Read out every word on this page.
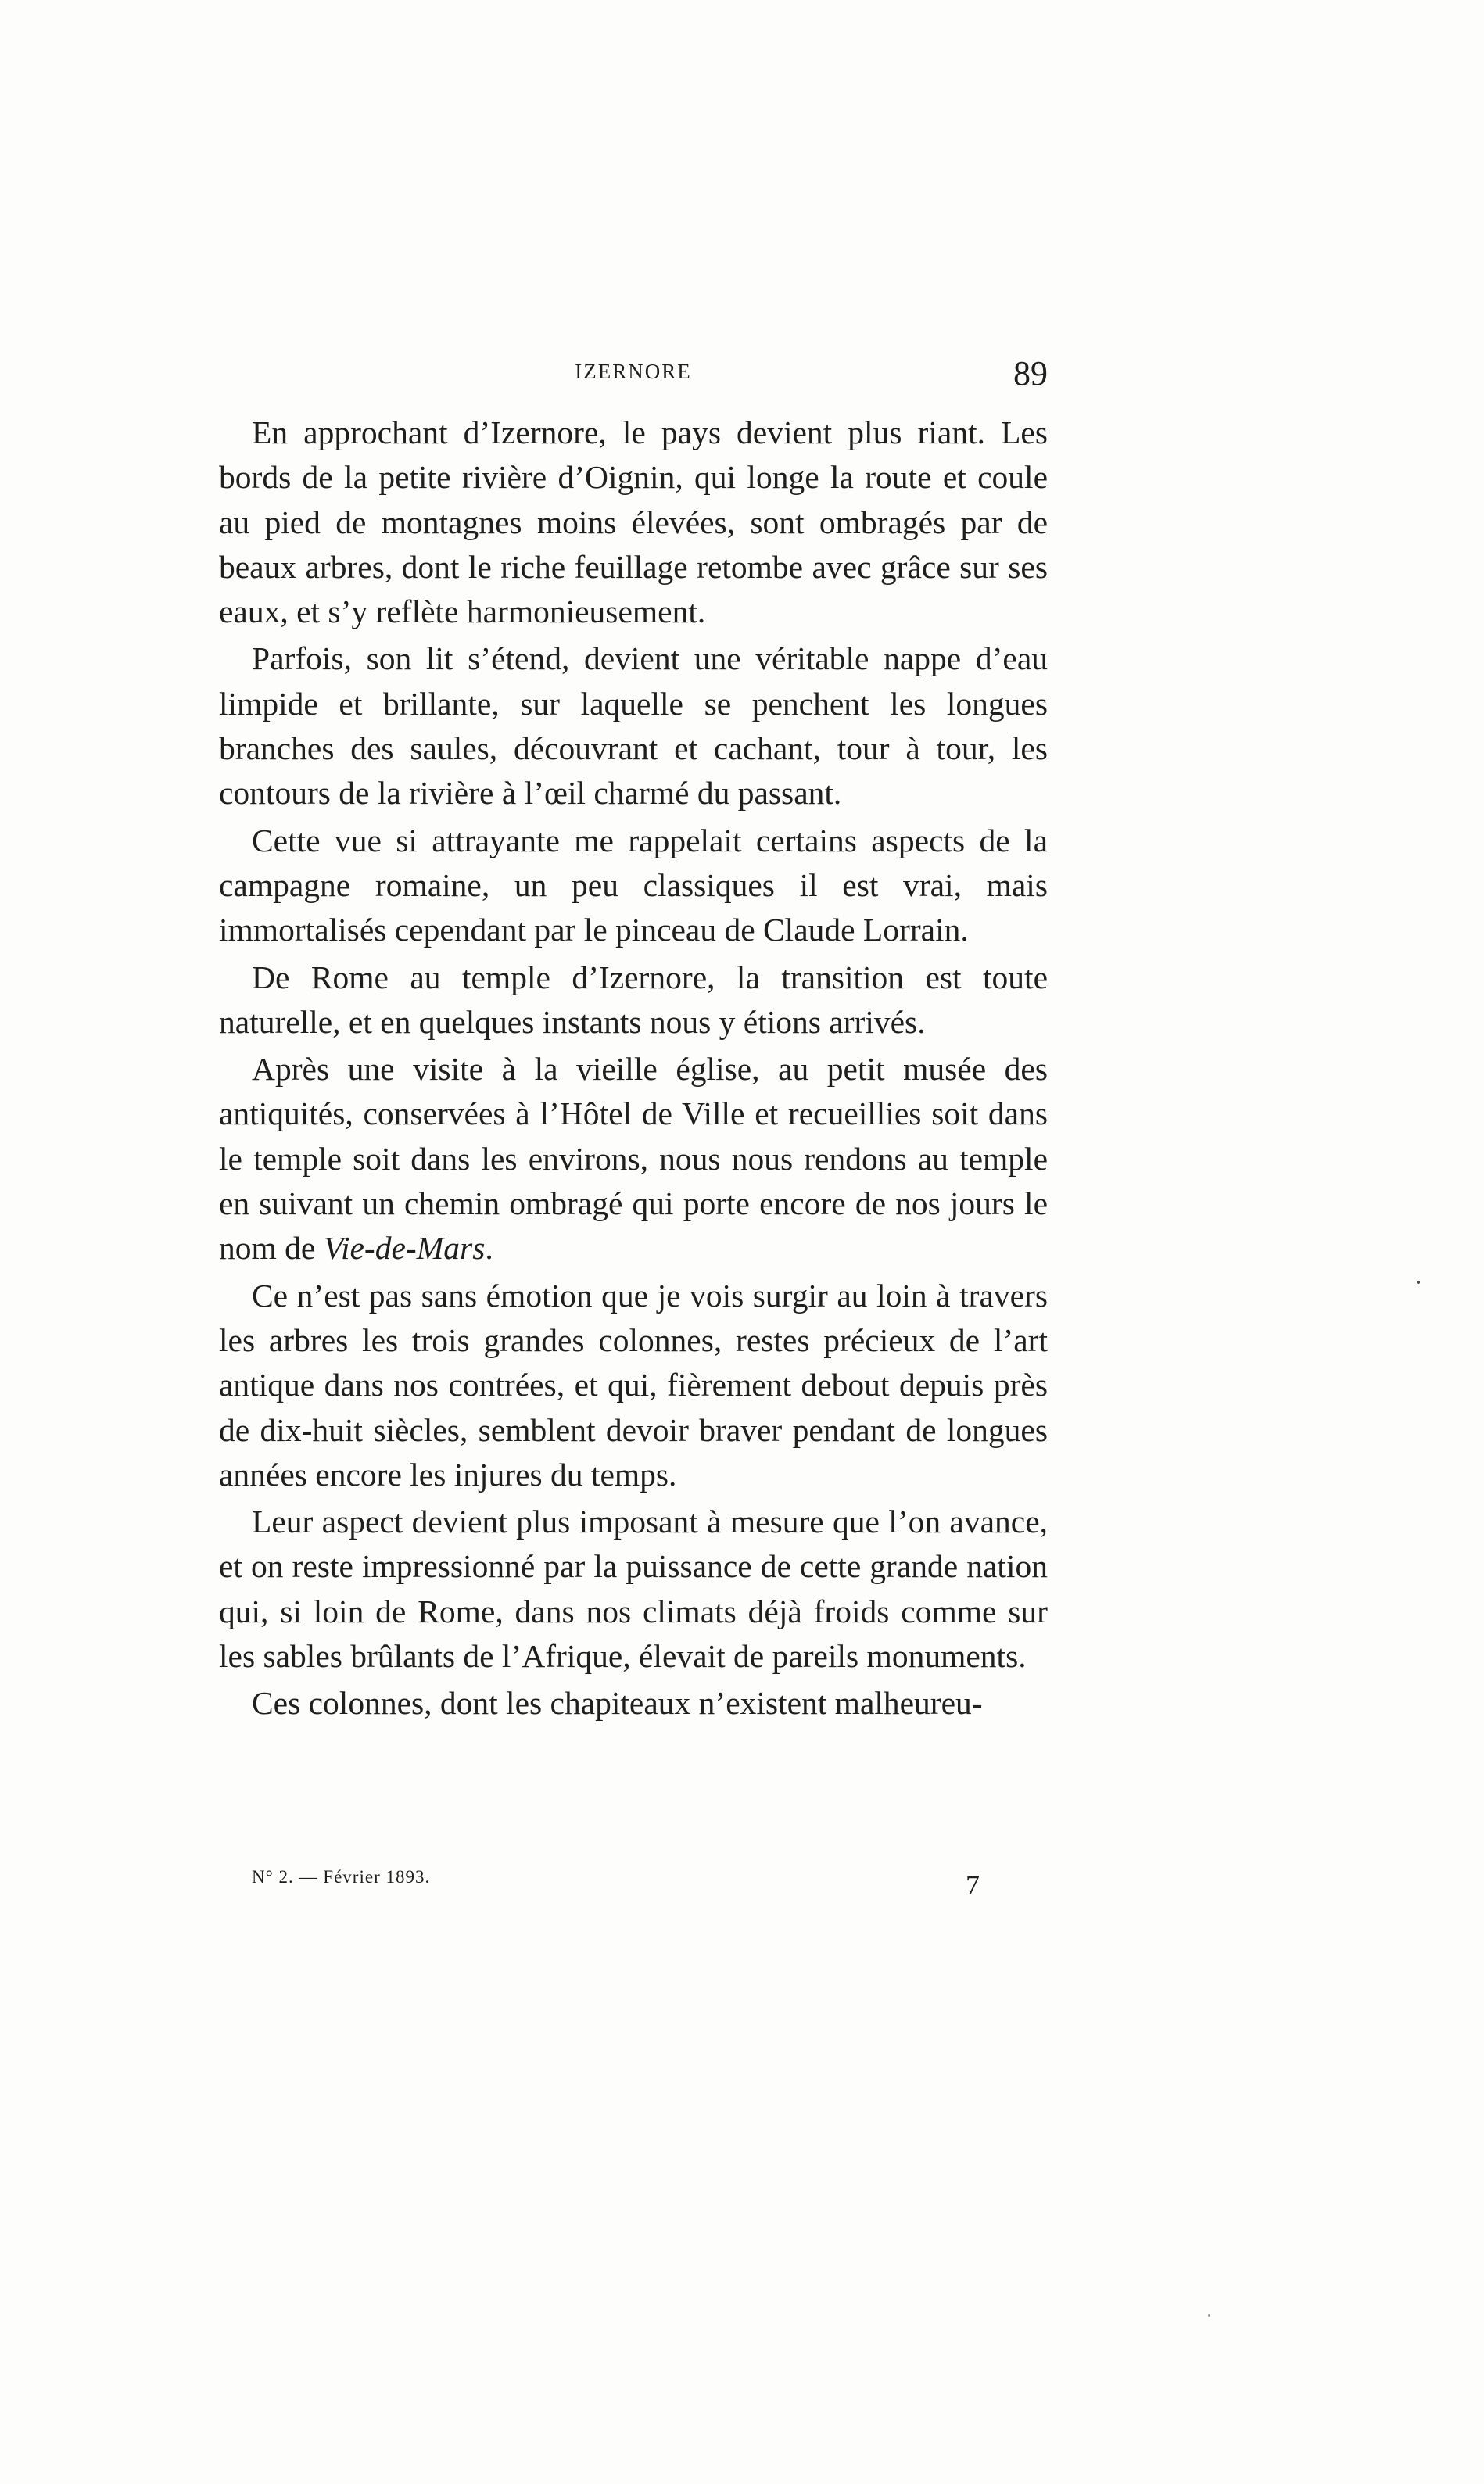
IZERNORE	89

En approchant d’Izernore, le pays devient plus riant. Les bords de la petite rivière d’Oignin, qui longe la route et coule au pied de montagnes moins élevées, sont ombragés par de beaux arbres, dont le riche feuillage retombe avec grâce sur ses eaux, et s’y reflète harmonieusement.

Parfois, son lit s’étend, devient une véritable nappe d’eau limpide et brillante, sur laquelle se penchent les longues branches des saules, découvrant et cachant, tour à tour, les contours de la rivière à l’œil charmé du passant.

Cette vue si attrayante me rappelait certains aspects de la campagne romaine, un peu classiques il est vrai, mais immortalisés cependant par le pinceau de Claude Lorrain.

De Rome au temple d’Izernore, la transition est toute naturelle, et en quelques instants nous y étions arrivés.

Après une visite à la vieille église, au petit musée des antiquités, conservées à l’Hôtel de Ville et recueillies soit dans le temple soit dans les environs, nous nous rendons au temple en suivant un chemin ombragé qui porte encore de nos jours le nom de Vie-de-Mars.

Ce n’est pas sans émotion que je vois surgir au loin à travers les arbres les trois grandes colonnes, restes précieux de l’art antique dans nos contrées, et qui, fièrement debout depuis près de dix-huit siècles, semblent devoir braver pendant de longues années encore les injures du temps.

Leur aspect devient plus imposant à mesure que l’on avance, et on reste impressionné par la puissance de cette grande nation qui, si loin de Rome, dans nos climats déjà froids comme sur les sables brûlants de l’Afrique, élevait de pareils monuments.

Ces colonnes, dont les chapiteaux n’existent malheureu-

N° 2. — Février 1893.	7
